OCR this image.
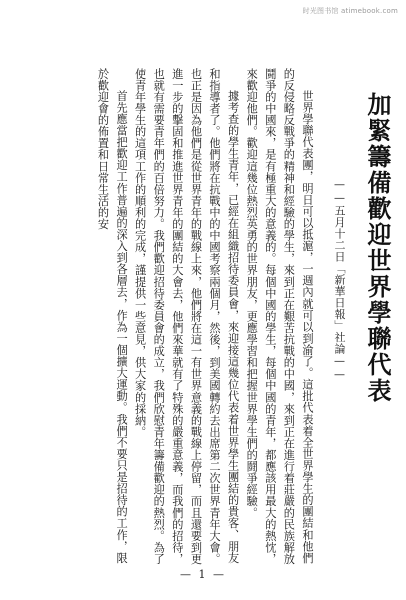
时光图书馆 atimebook.com
加緊籌備歡迎世界學聯代表
——五月十二日「新華日報」社論——

世界學聯代表團，明日可以抵滬，一週內就可以到渝了。這批代表着全世界學生的團結和他們的反侵略反戰爭的精神和經驗的學生，來到正在艱苦抗戰的中國，來到正在進行着莊嚴的民族解放鬪爭的中國來，是有極重大的意義的。每個中國的學生，每個中國的青年，都應該用最大的熱忱，來歡迎他們。歡迎這幾位熱烈英勇的世界朋友，更應學習和把握世界學生們的鬪爭經驗。

據考查的學生青年，已經在組織招待委員會，來迎接這幾位代表着世界學生團結的貴客、朋友和指導者了。他們將在抗戰中的中國考察兩個月，然後，到美國轉約去出席第二次世界青年大會。也正是因為他們是從世界青年的戰線上來，他們將在這一有世界意義的戰線上停留，而且還要到更進一步的擊固和推進世界青年的團結的大會去，他們來華就有了特殊的嚴重意義，而我們的招待，也就有需要青年們的百倍努力。我們歡迎招待委員會的成立，我們欣慰青年籌備歡迎的熱烈。為了使青年學生的這項工作的順利的完成，謹提供一些意見，供大家的採納。

首先應當把歡迎工作普遍的深入到各層去，作為一個擴大運動。我們不要只是招待的工作，限於歡迎會的佈置和日常生活的安

— 1 —
